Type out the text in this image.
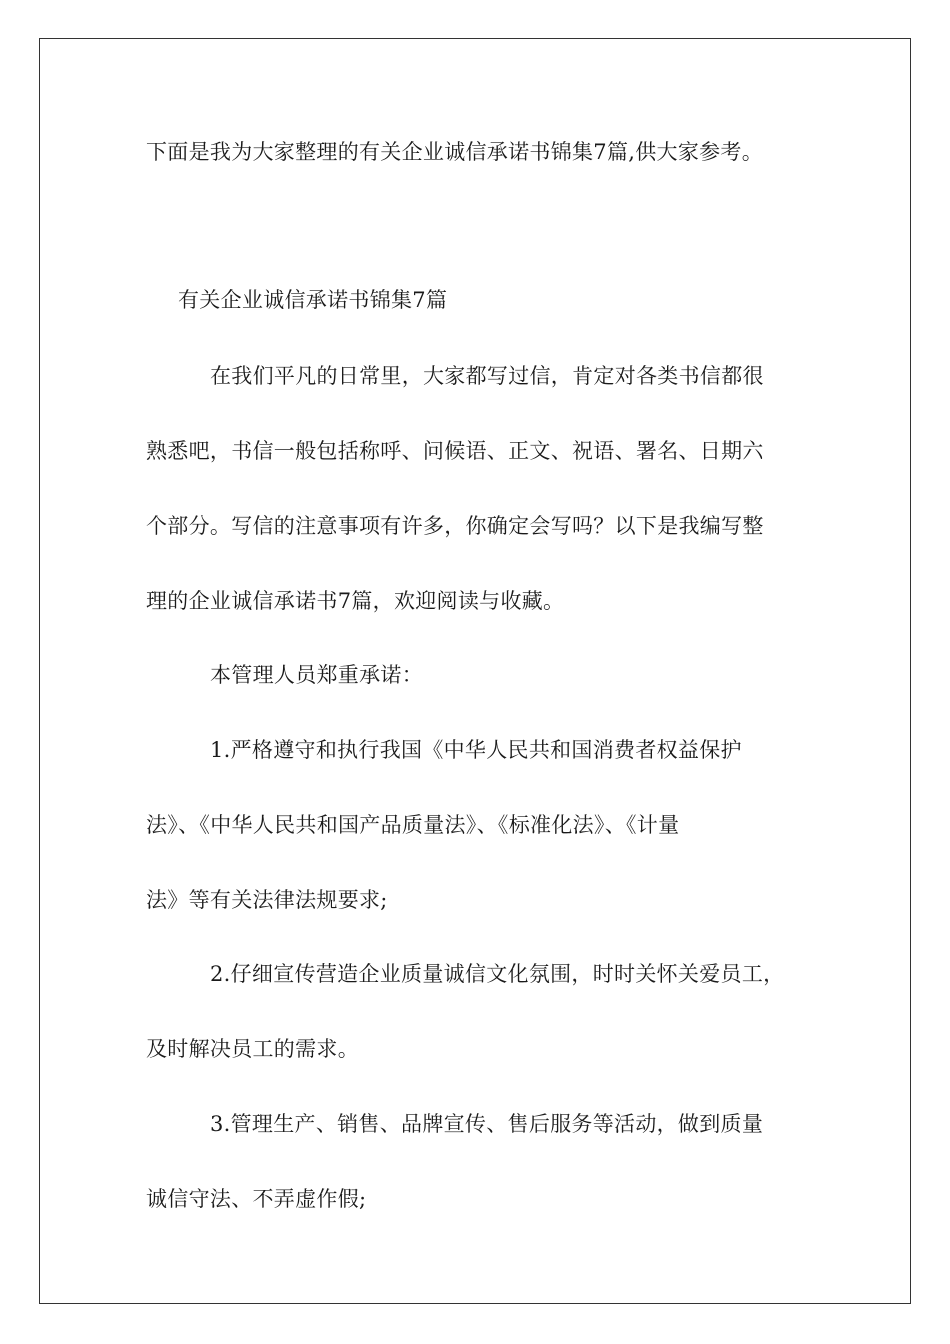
下面是我为大家整理的有关企业诚信承诺书锦集7篇,供大家参考。
有关企业诚信承诺书锦集7篇
在我们平凡的日常里，大家都写过信，肯定对各类书信都很
熟悉吧，书信一般包括称呼、问候语、正文、祝语、署名、日期六
个部分。写信的注意事项有许多，你确定会写吗？以下是我编写整
理的企业诚信承诺书7篇，欢迎阅读与收藏。
本管理人员郑重承诺：
1.严格遵守和执行我国《中华人民共和国消费者权益保护
法》、《中华人民共和国产品质量法》、《标准化法》、《计量
法》等有关法律法规要求;
2.仔细宣传营造企业质量诚信文化氛围，时时关怀关爱员工，
及时解决员工的需求。
3.管理生产、销售、品牌宣传、售后服务等活动，做到质量
诚信守法、不弄虚作假;
